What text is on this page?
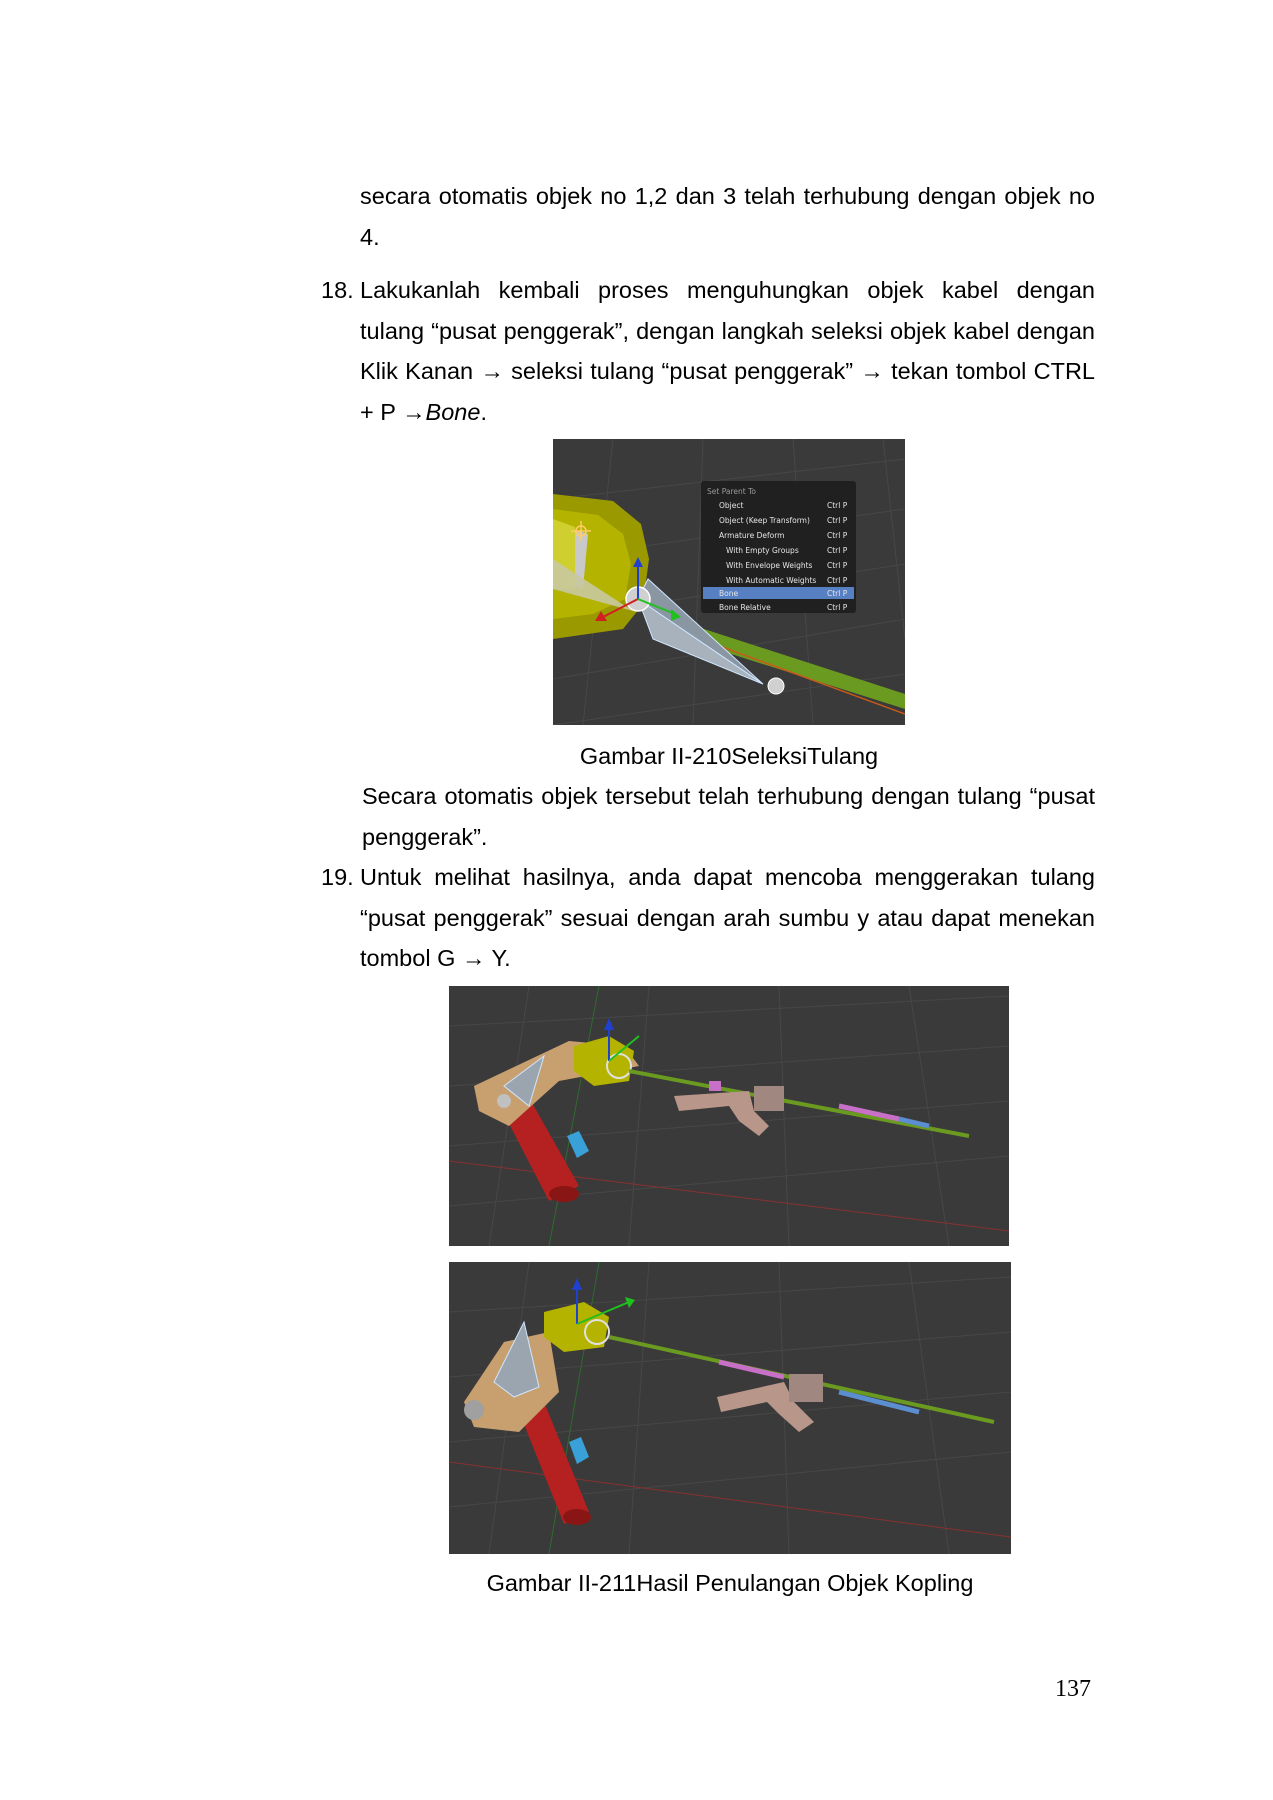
secara otomatis objek no 1,2 dan 3 telah terhubung dengan objek no
4.
18. Lakukanlah kembali proses menguhungkan objek kabel dengan
tulang “pusat penggerak”, dengan langkah seleksi objek kabel dengan
Klik Kanan → seleksi tulang “pusat penggerak” → tekan tombol CTRL
+ P →Bone.
Set Parent To
Object	Ctrl P
Object (Keep Transform) Ctrl P
Armature Deform	Ctrl P
With Empty Groups	Ctrl P
With Envelope Weights Ctrl P
With Automatic Weights Ctrl P
Bone	Ctrl P
Bone Relative	Ctrl P
Gambar II-210SeleksiTulang
Secara otomatis objek tersebut telah terhubung dengan tulang “pusat
penggerak”.
19. Untuk melihat hasilnya, anda dapat mencoba menggerakan tulang
“pusat penggerak” sesuai dengan arah sumbu y atau dapat menekan
tombol G → Y.
Gambar II-211Hasil Penulangan Objek Kopling
137
